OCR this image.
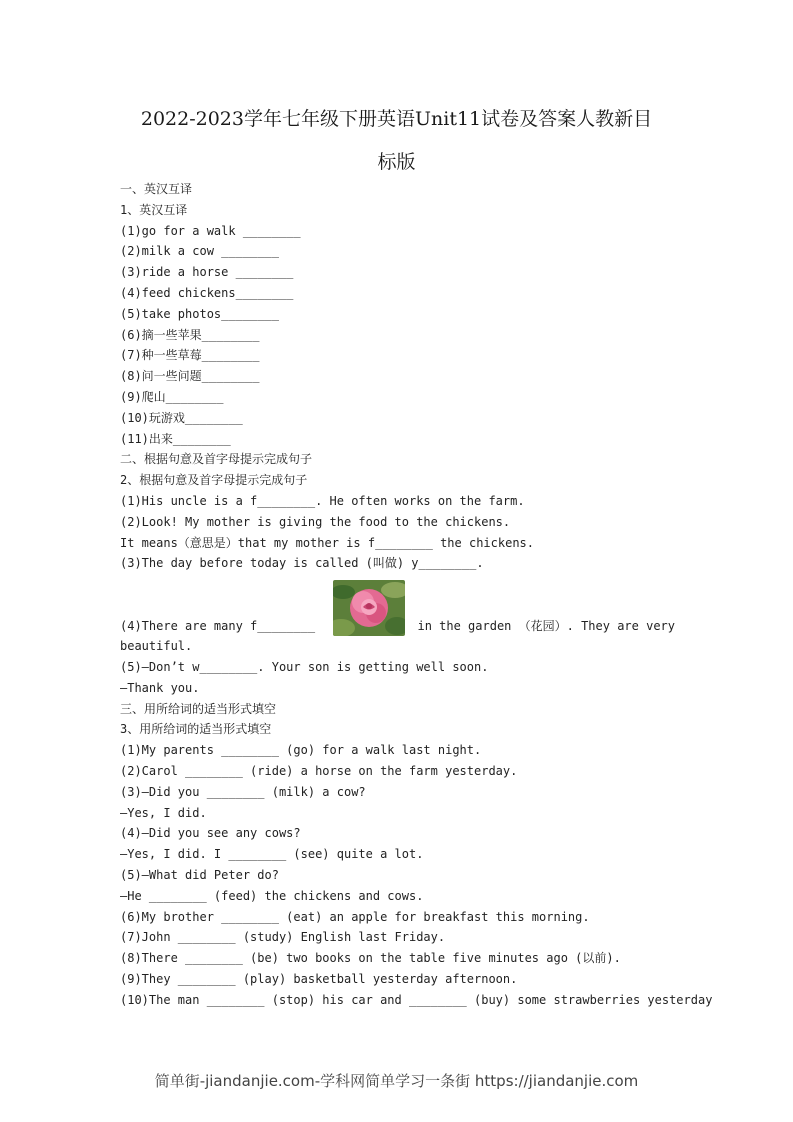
2022-2023学年七年级下册英语Unit11试卷及答案人教新目
标版
一、英汉互译
1、英汉互译
(1)go for a walk ________
(2)milk a cow ________
(3)ride a horse ________
(4)feed chickens________
(5)take photos________
(6)摘一些苹果________
(7)种一些草莓________
(8)问一些问题________
(9)爬山________
(10)玩游戏________
(11)出来________
二、根据句意及首字母提示完成句子
2、根据句意及首字母提示完成句子
(1)His uncle is a f________. He often works on the farm.
(2)Look! My mother is giving the food to the chickens.
It means（意思是）that my mother is f________ the chickens.
(3)The day before today is called (叫做) y________.
(4)There are many f________	in the garden （花园）. They are very
beautiful.
(5)—Don’t w________. Your son is getting well soon.
—Thank you.
三、用所给词的适当形式填空
3、用所给词的适当形式填空
(1)My parents ________ (go) for a walk last night.
(2)Carol ________ (ride) a horse on the farm yesterday.
(3)—Did you ________ (milk) a cow?
—Yes, I did.
(4)—Did you see any cows?
—Yes, I did. I ________ (see) quite a lot.
(5)—What did Peter do?
—He ________ (feed) the chickens and cows.
(6)My brother ________ (eat) an apple for breakfast this morning.
(7)John ________ (study) English last Friday.
(8)There ________ (be) two books on the table five minutes ago (以前).
(9)They ________ (play) basketball yesterday afternoon.
(10)The man ________ (stop) his car and ________ (buy) some strawberries yesterday
简单街-jiandanjie.com-学科网简单学习一条街 https://jiandanjie.com
